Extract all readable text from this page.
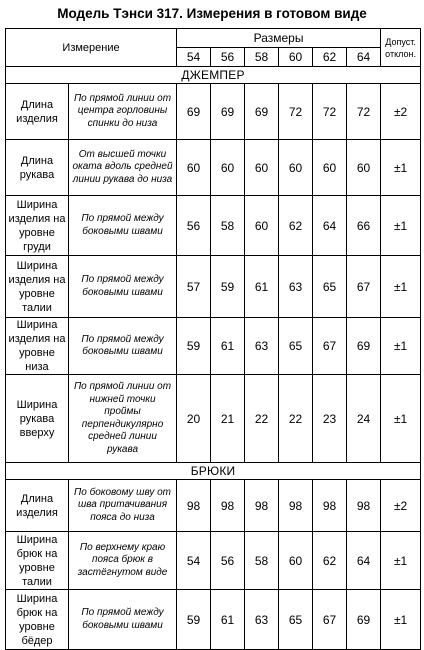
Модель Тэнси 317. Измерения в готовом виде
Измерение		Размеры						Допуст.
отклон.
		54	56	58	60	62	64	
ДЖЕМПЕР								
Длина изделия	По прямой линии от центра горловины спинки до низа	69	69	69	72	72	72	±2
Длина рукава	От высшей точки оката вдоль средней линии рукава до низа	60	60	60	60	60	60	±1
Ширина изделия на уровне груди	По прямой между боковыми швами	56	58	60	62	64	66	±1
Ширина изделия на уровне талии	По прямой между боковыми швами	57	59	61	63	65	67	±1
Ширина изделия на уровне низа	По прямой между боковыми швами	59	61	63	65	67	69	±1
Ширина рукава вверху	По прямой линии от нижней точки проймы перпендикулярно средней линии рукава	20	21	22	22	23	24	±1
БРЮКИ								
Длина изделия	По боковому шву от шва притачивания пояса до низа	98	98	98	98	98	98	±2
Ширина брюк на уровне талии	По верхнему краю пояса брюк в застёгнутом виде	54	56	58	60	62	64	±1
Ширина брюк на уровне бёдер	По прямой между боковыми швами	59	61	63	65	67	69	±1
